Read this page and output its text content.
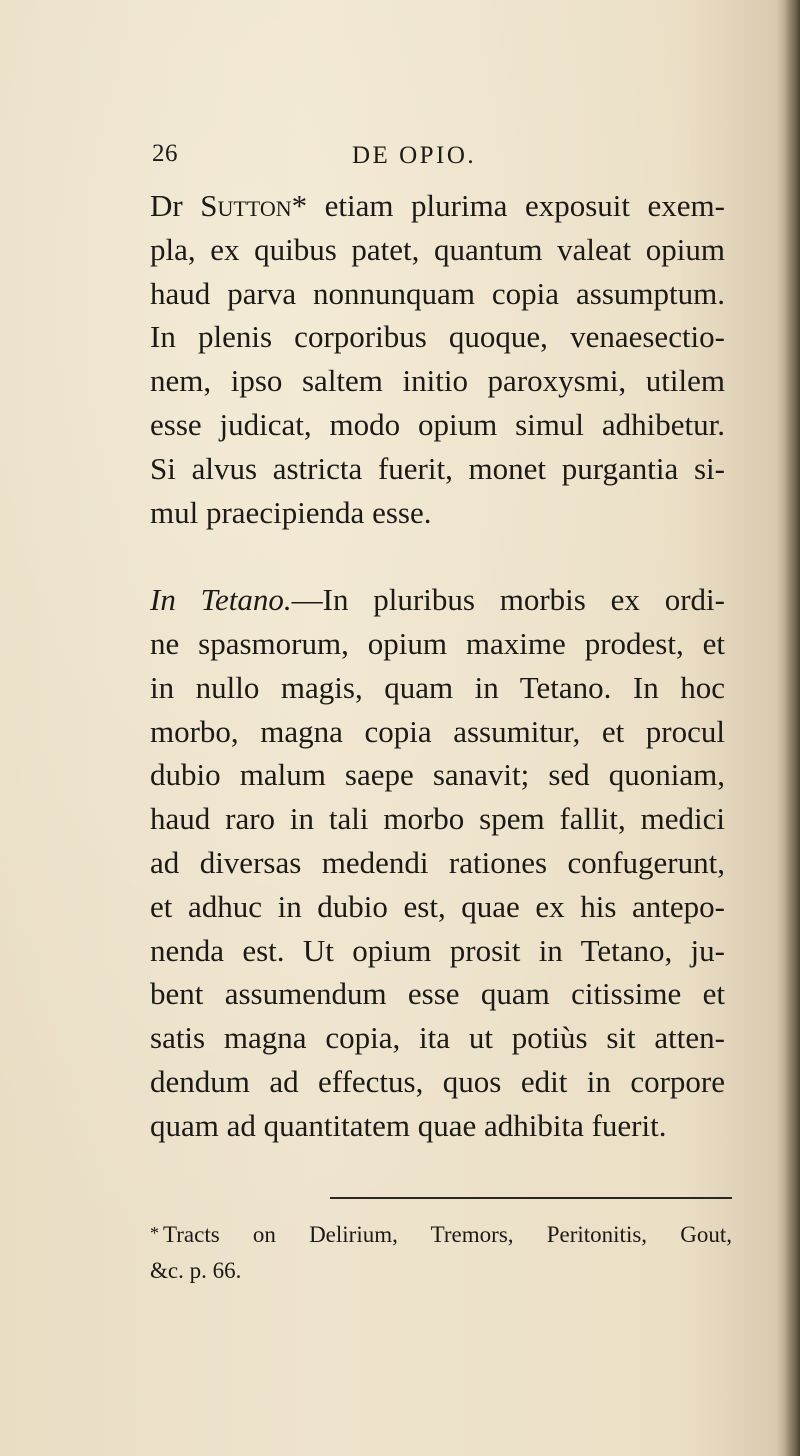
26	DE OPIO.
Dr Sutton* etiam plurima exposuit exem-
pla, ex quibus patet, quantum valeat opium
haud parva nonnunquam copia assumptum.
In plenis corporibus quoque, venaesectio-
nem, ipso saltem initio paroxysmi, utilem
esse judicat, modo opium simul adhibetur.
Si alvus astricta fuerit, monet purgantia si-
mul praecipienda esse.
In Tetano.—In pluribus morbis ex ordi-
ne spasmorum, opium maxime prodest, et
in nullo magis, quam in Tetano. In hoc
morbo, magna copia assumitur, et procul
dubio malum saepe sanavit; sed quoniam,
haud raro in tali morbo spem fallit, medici
ad diversas medendi rationes confugerunt,
et adhuc in dubio est, quae ex his antepo-
nenda est. Ut opium prosit in Tetano, ju-
bent assumendum esse quam citissime et
satis magna copia, ita ut potiùs sit atten-
dendum ad effectus, quos edit in corpore
quam ad quantitatem quae adhibita fuerit.
* Tracts on Delirium, Tremors, Peritonitis, Gout,
&c. p. 66.
